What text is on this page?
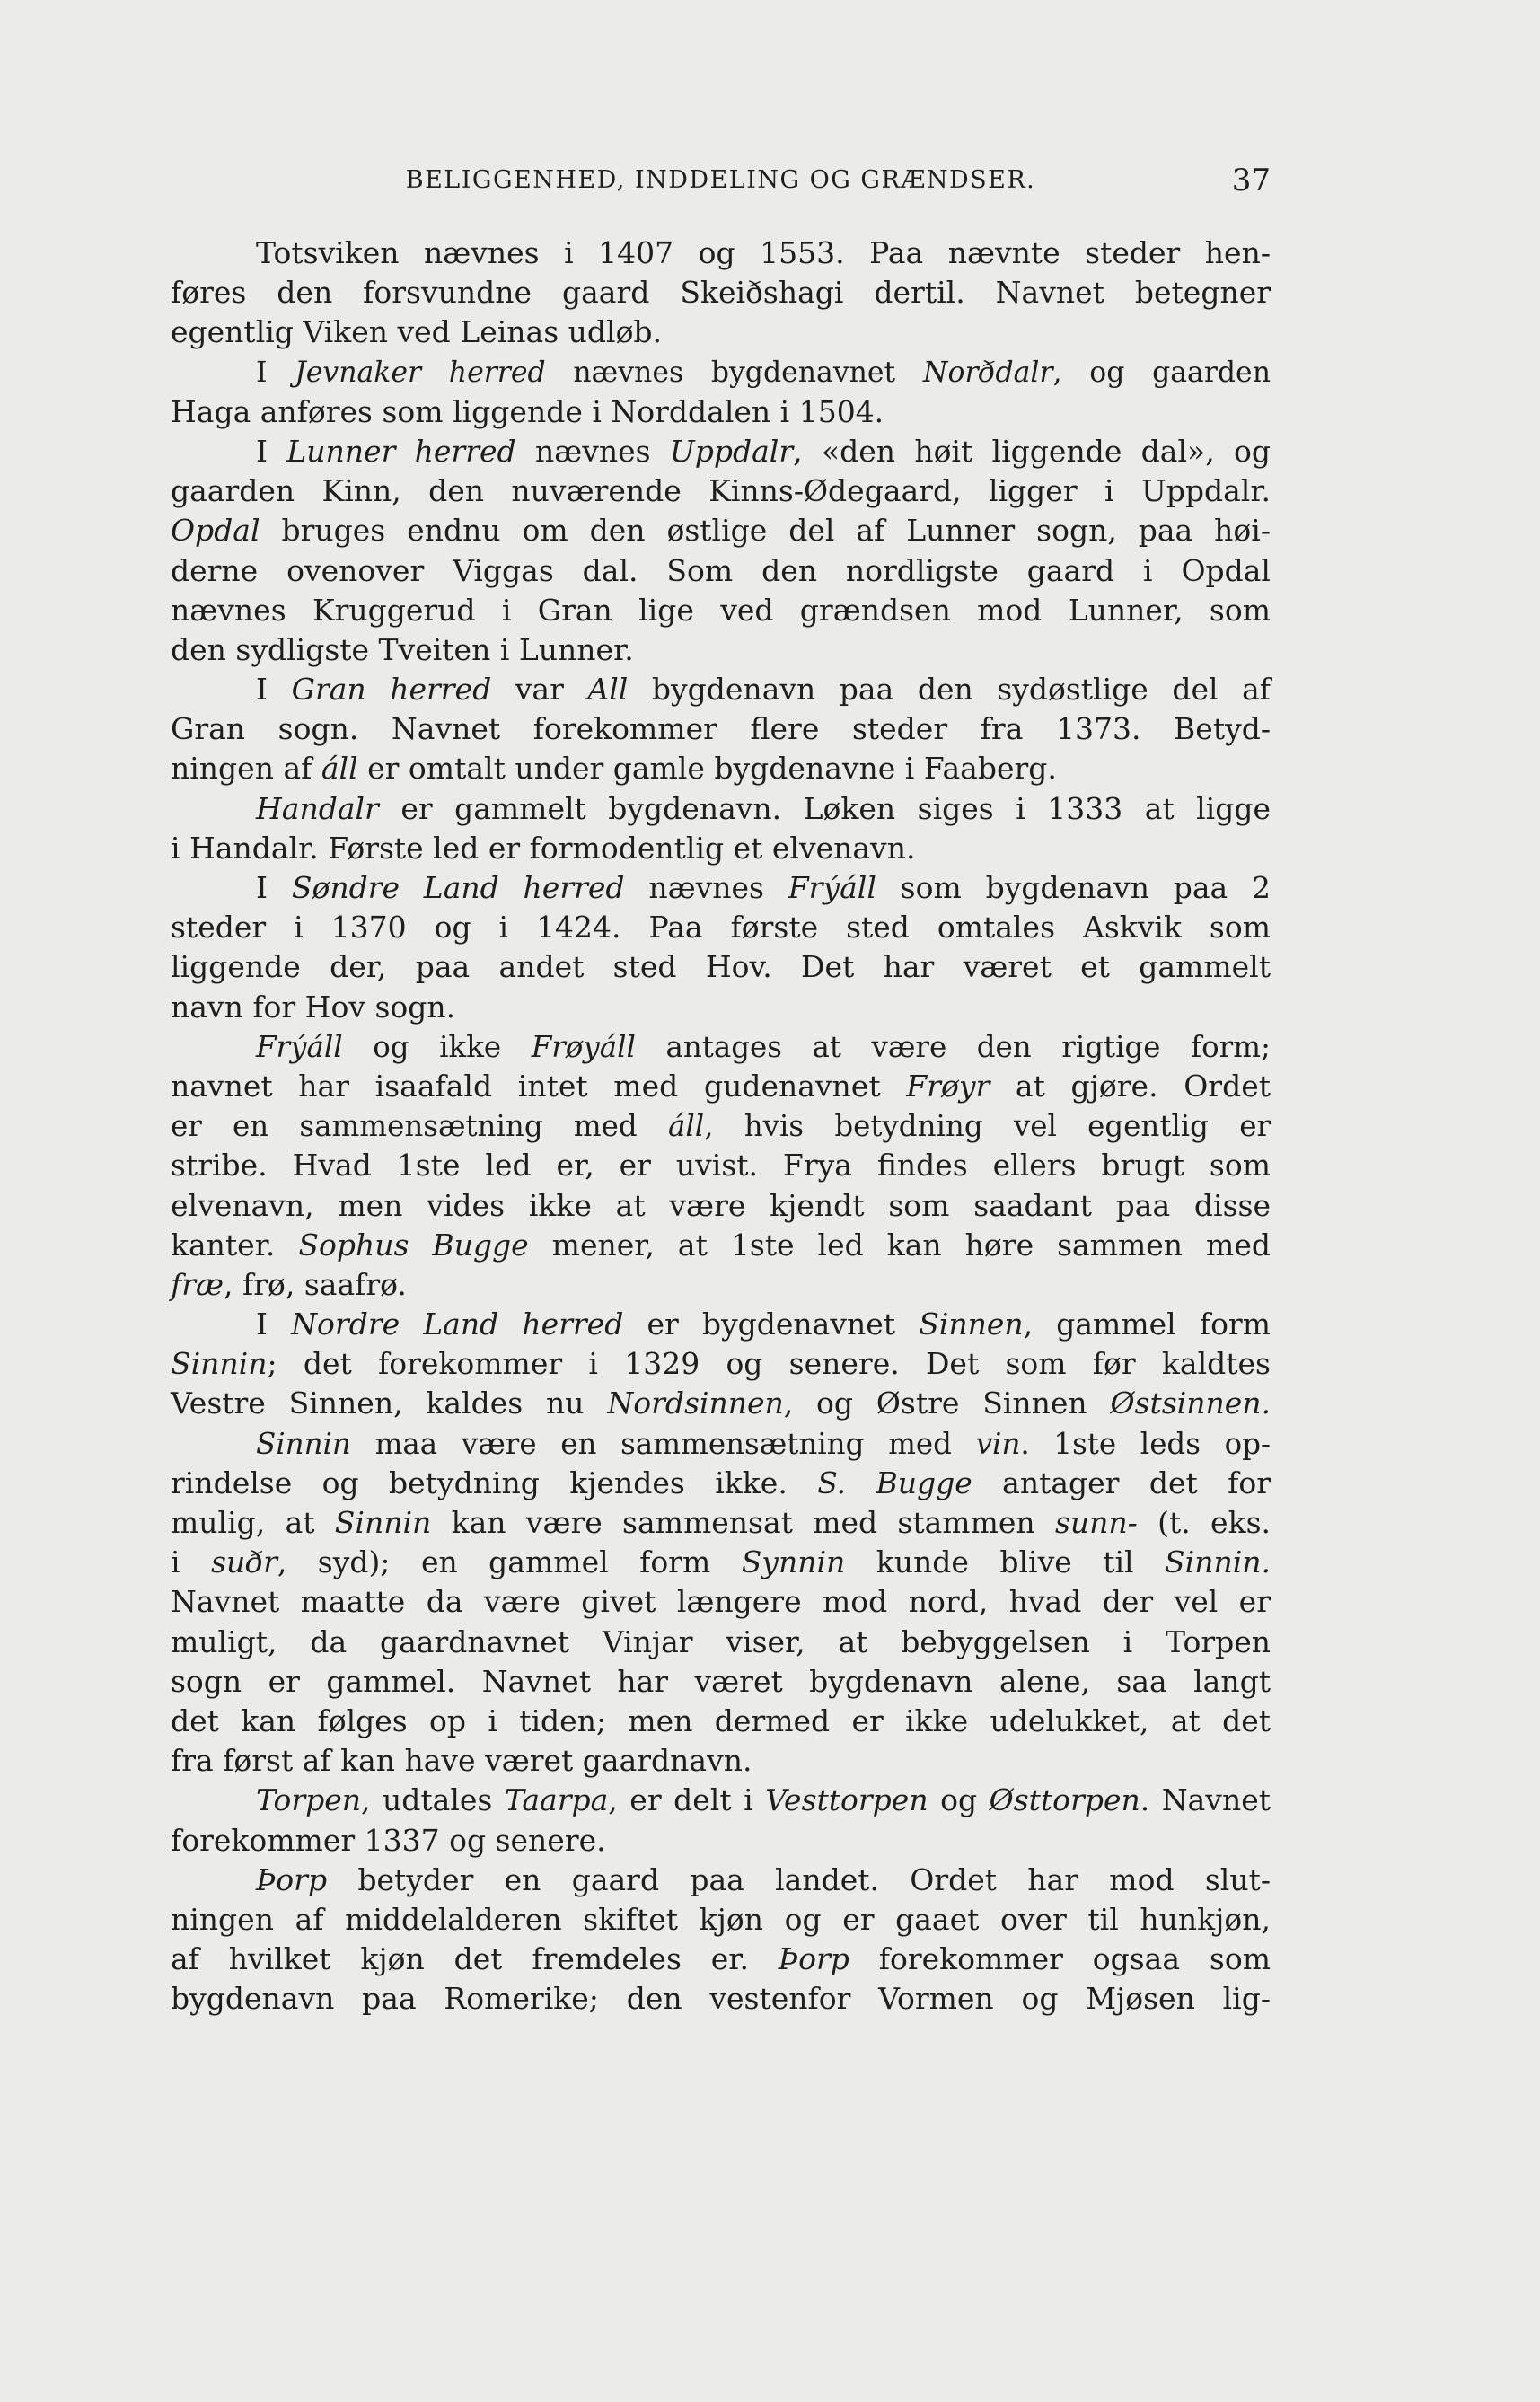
BELIGGENHED, INDDELING OG GRÆNDSER.	37
Totsviken nævnes i 1407 og 1553. Paa nævnte steder hen-
føres den forsvundne gaard Skeiðshagi dertil. Navnet betegner
egentlig Viken ved Leinas udløb.
I Jevnaker herred nævnes bygdenavnet Norðdalr, og gaarden
Haga anføres som liggende i Norddalen i 1504.
I Lunner herred nævnes Uppdalr, «den høit liggende dal», og
gaarden Kinn, den nuværende Kinns-Ødegaard, ligger i Uppdalr.
Opdal bruges endnu om den østlige del af Lunner sogn, paa høi-
derne ovenover Viggas dal. Som den nordligste gaard i Opdal
nævnes Kruggerud i Gran lige ved grændsen mod Lunner, som
den sydligste Tveiten i Lunner.
I Gran herred var All bygdenavn paa den sydøstlige del af
Gran sogn. Navnet forekommer flere steder fra 1373. Betyd-
ningen af áll er omtalt under gamle bygdenavne i Faaberg.
Handalr er gammelt bygdenavn. Løken siges i 1333 at ligge
i Handalr. Første led er formodentlig et elvenavn.
I Søndre Land herred nævnes Frýáll som bygdenavn paa 2
steder i 1370 og i 1424. Paa første sted omtales Askvik som
liggende der, paa andet sted Hov. Det har været et gammelt
navn for Hov sogn.
Frýáll og ikke Frøyáll antages at være den rigtige form;
navnet har isaafald intet med gudenavnet Frøyr at gjøre. Ordet
er en sammensætning med áll, hvis betydning vel egentlig er
stribe. Hvad 1ste led er, er uvist. Frya findes ellers brugt som
elvenavn, men vides ikke at være kjendt som saadant paa disse
kanter. Sophus Bugge mener, at 1ste led kan høre sammen med
fræ, frø, saafrø.
I Nordre Land herred er bygdenavnet Sinnen, gammel form
Sinnin; det forekommer i 1329 og senere. Det som før kaldtes
Vestre Sinnen, kaldes nu Nordsinnen, og Østre Sinnen Østsinnen.
Sinnin maa være en sammensætning med vin. 1ste leds op-
rindelse og betydning kjendes ikke. S. Bugge antager det for
mulig, at Sinnin kan være sammensat med stammen sunn- (t. eks.
i suðr, syd); en gammel form Synnin kunde blive til Sinnin.
Navnet maatte da være givet længere mod nord, hvad der vel er
muligt, da gaardnavnet Vinjar viser, at bebyggelsen i Torpen
sogn er gammel. Navnet har været bygdenavn alene, saa langt
det kan følges op i tiden; men dermed er ikke udelukket, at det
fra først af kan have været gaardnavn.
Torpen, udtales Taarpa, er delt i Vesttorpen og Østtorpen. Navnet
forekommer 1337 og senere.
Þorp betyder en gaard paa landet. Ordet har mod slut-
ningen af middelalderen skiftet kjøn og er gaaet over til hunkjøn,
af hvilket kjøn det fremdeles er. Þorp forekommer ogsaa som
bygdenavn paa Romerike; den vestenfor Vormen og Mjøsen lig-
